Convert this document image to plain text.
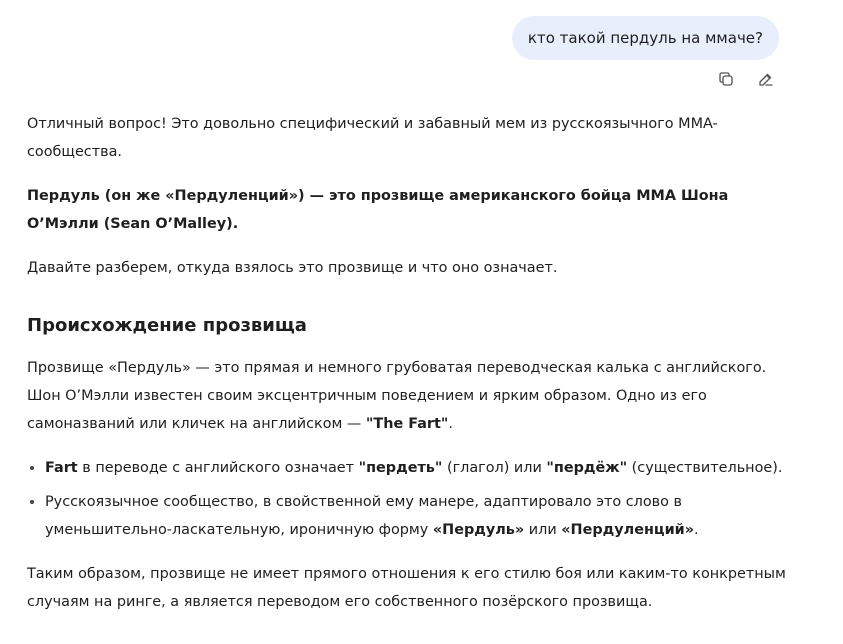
кто такой пердуль на ммаче?

Отличный вопрос! Это довольно специфический и забавный мем из русскоязычного MMA-сообщества.

Пердуль (он же «Пердуленций») — это прозвище американского бойца MMA Шона О’Мэлли (Sean O’Malley).

Давайте разберем, откуда взялось это прозвище и что оно означает.

Происхождение прозвища

Прозвище «Пердуль» — это прямая и немного грубоватая переводческая калька с английского. Шон О’Мэлли известен своим эксцентричным поведением и ярким образом. Одно из его самоназваний или кличек на английском — "The Fart".

• Fart в переводе с английского означает "пердеть" (глагол) или "пердёж" (существительное).
• Русскоязычное сообщество, в свойственной ему манере, адаптировало это слово в уменьшительно-ласкательную, ироничную форму «Пердуль» или «Пердуленций».

Таким образом, прозвище не имеет прямого отношения к его стилю боя или каким-то конкретным случаям на ринге, а является переводом его собственного позёрского прозвища.
